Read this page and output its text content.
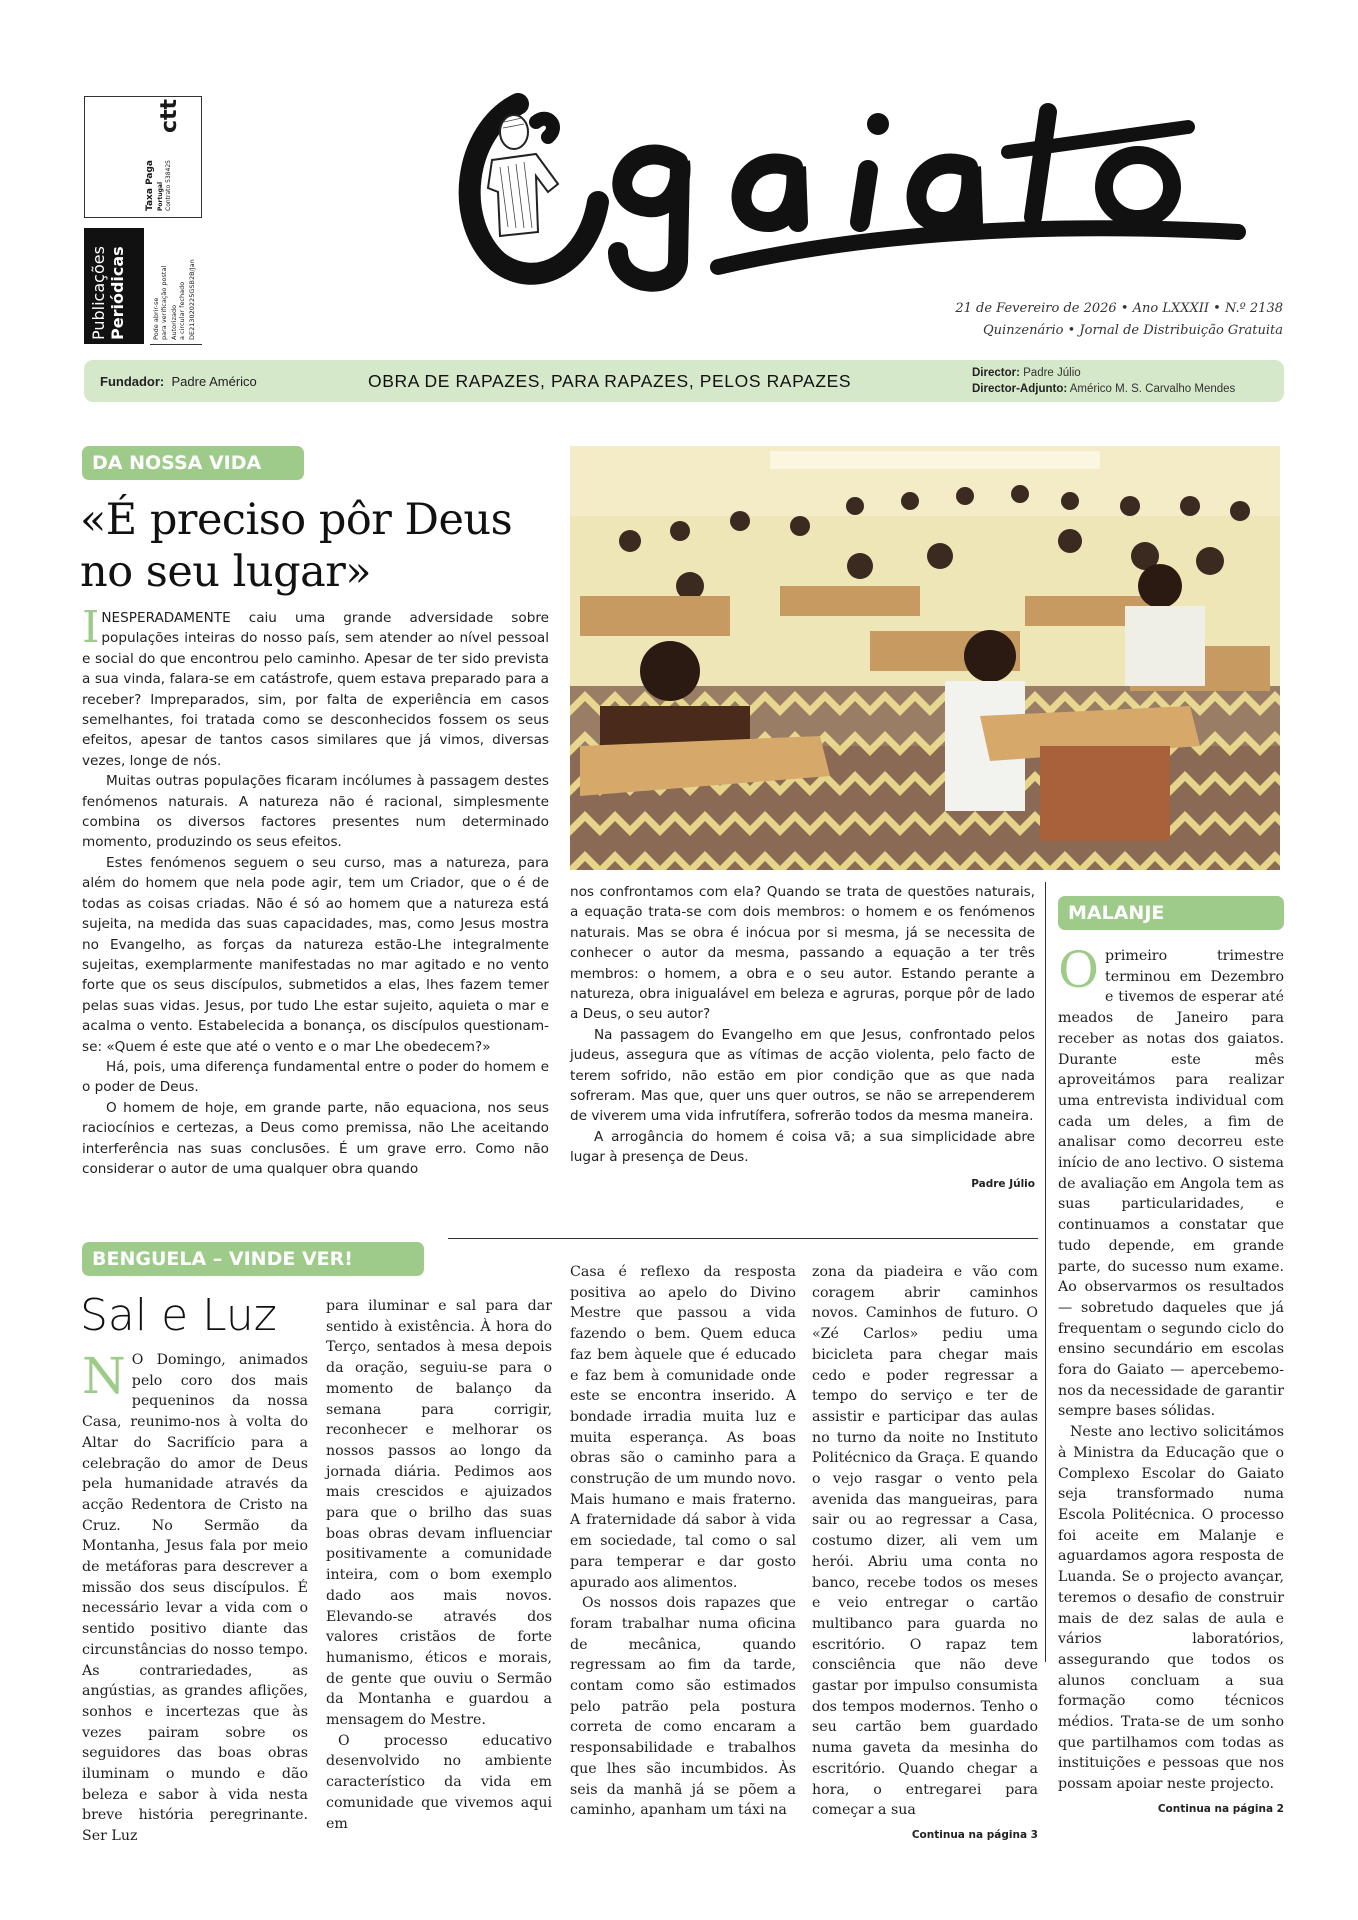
ctt
Taxa Paga Portugal Contrato 538425
Publicações Periódicas	Pode abrir-se para verificação postal Autorizado a circular fechado DE213020225GSB2B/Jan	21 de Fevereiro de 2026 • Ano LXXXII • N.º 2138
Quinzenário • Jornal de Distribuição Gratuita
Fundador: Padre Américo	OBRA DE RAPAZES, PARA RAPAZES, PELOS RAPAZES	Director: Padre Júlio
Director-Adjunto: Américo M. S. Carvalho Mendes
DA NOSSA VIDA
«É preciso pôr Deus
no seu lugar»

INESPERADAMENTE caiu uma grande adversidade sobre populações inteiras do nosso país, sem atender ao nível pessoal e social do que encontrou pelo caminho. Apesar de ter sido prevista a sua vinda, falara-se em catástrofe, quem estava preparado para a receber? Impreparados, sim, por falta de experiência em casos semelhantes, foi tratada como se desconhecidos fossem os seus efeitos, apesar de tantos casos similares que já vimos, diversas vezes, longe de nós.

Muitas outras populações ficaram incólumes à passagem destes fenómenos naturais. A natureza não é racional, simplesmente combina os diversos factores presentes num determinado momento, produzindo os seus efeitos.

Estes fenómenos seguem o seu curso, mas a natureza, para além do homem que nela pode agir, tem um Criador, que o é de todas as coisas criadas. Não é só ao homem que a natureza está sujeita, na medida das suas capacidades, mas, como Jesus mostra no Evangelho, as forças da natureza estão-Lhe integralmente sujeitas, exemplarmente manifestadas no mar agitado e no vento forte que os seus discípulos, submetidos a elas, lhes fazem temer pelas suas vidas. Jesus, por tudo Lhe estar sujeito, aquieta o mar e acalma o vento. Estabelecida a bonança, os discípulos questionam-se: «Quem é este que até o vento e o mar Lhe obedecem?»

Há, pois, uma diferença fundamental entre o poder do homem e o poder de Deus.

O homem de hoje, em grande parte, não equaciona, nos seus raciocínios e certezas, a Deus como premissa, não Lhe aceitando interferência nas suas conclusões. É um grave erro. Como não considerar o autor de uma qualquer obra quando

nos confrontamos com ela? Quando se trata de questões naturais, a equação trata-se com dois membros: o homem e os fenómenos naturais. Mas se obra é inócua por si mesma, já se necessita de conhecer o autor da mesma, passando a equação a ter três membros: o homem, a obra e o seu autor. Estando perante a natureza, obra inigualável em beleza e agruras, porque pôr de lado a Deus, o seu autor?

Na passagem do Evangelho em que Jesus, confrontado pelos judeus, assegura que as vítimas de acção violenta, pelo facto de terem sofrido, não estão em pior condição que as que nada sofreram. Mas que, quer uns quer outros, se não se arrependerem de viverem uma vida infrutífera, sofrerão todos da mesma maneira.

A arrogância do homem é coisa vã; a sua simplicidade abre lugar à presença de Deus.

Padre Júlio
MALANJE

Oprimeiro trimestre terminou em Dezembro e tivemos de esperar até meados de Janeiro para receber as notas dos gaiatos. Durante este mês aproveitámos para realizar uma entrevista individual com cada um deles, a fim de analisar como decorreu este início de ano lectivo. O sistema de avaliação em Angola tem as suas particularidades, e continuamos a constatar que tudo depende, em grande parte, do sucesso num exame. Ao observarmos os resultados — sobretudo daqueles que já frequentam o segundo ciclo do ensino secundário em escolas fora do Gaiato — apercebemo-nos da necessidade de garantir sempre bases sólidas.

Neste ano lectivo solicitámos à Ministra da Educação que o Complexo Escolar do Gaiato seja transformado numa Escola Politécnica. O processo foi aceite em Malanje e aguardamos agora resposta de Luanda. Se o projecto avançar, teremos o desafio de construir mais de dez salas de aula e vários laboratórios, assegurando que todos os alunos concluam a sua formação como técnicos médios. Trata-se de um sonho que partilhamos com todas as instituições e pessoas que nos possam apoiar neste projecto.

Continua na página 2
BENGUELA – VINDE VER!
Sal e Luz

N O Domingo, animados pelo coro dos mais pequeninos da nossa Casa, reunimo-nos à volta do Altar do Sacrifício para a celebração do amor de Deus pela humanidade através da acção Redentora de Cristo na Cruz. No Sermão da Montanha, Jesus fala por meio de metáforas para descrever a missão dos seus discípulos. É necessário levar a vida com o sentido positivo diante das circunstâncias do nosso tempo. As contrariedades, as angústias, as grandes aflições, sonhos e incertezas que às vezes pairam sobre os seguidores das boas obras iluminam o mundo e dão beleza e sabor à vida nesta breve história peregrinante. Ser Luz

para iluminar e sal para dar sentido à existência. À hora do Terço, sentados à mesa depois da oração, seguiu-se para o momento de balanço da semana para corrigir, reconhecer e melhorar os nossos passos ao longo da jornada diária. Pedimos aos mais crescidos e ajuizados para que o brilho das suas boas obras devam influenciar positivamente a comunidade inteira, com o bom exemplo dado aos mais novos. Elevando-se através dos valores cristãos de forte humanismo, éticos e morais, de gente que ouviu o Sermão da Montanha e guardou a mensagem do Mestre.

O processo educativo desenvolvido no ambiente característico da vida em comunidade que vivemos aqui em

Casa é reflexo da resposta positiva ao apelo do Divino Mestre que passou a vida fazendo o bem. Quem educa faz bem àquele que é educado e faz bem à comunidade onde este se encontra inserido. A bondade irradia muita luz e muita esperança. As boas obras são o caminho para a construção de um mundo novo. Mais humano e mais fraterno. A fraternidade dá sabor à vida em sociedade, tal como o sal para temperar e dar gosto apurado aos alimentos.

Os nossos dois rapazes que foram trabalhar numa oficina de mecânica, quando regressam ao fim da tarde, contam como são estimados pelo patrão pela postura correta de como encaram a responsabilidade e trabalhos que lhes são incumbidos. Às seis da manhã já se põem a caminho, apanham um táxi na

zona da piadeira e vão com coragem abrir caminhos novos. Caminhos de futuro. O «Zé Carlos» pediu uma bicicleta para chegar mais cedo e poder regressar a tempo do serviço e ter de assistir e participar das aulas no turno da noite no Instituto Politécnico da Graça. E quando o vejo rasgar o vento pela avenida das mangueiras, para sair ou ao regressar a Casa, costumo dizer, ali vem um herói. Abriu uma conta no banco, recebe todos os meses e veio entregar o cartão multibanco para guarda no escritório. O rapaz tem consciência que não deve gastar por impulso consumista dos tempos modernos. Tenho o seu cartão bem guardado numa gaveta da mesinha do escritório. Quando chegar a hora, o entregarei para começar a sua

Continua na página 3
